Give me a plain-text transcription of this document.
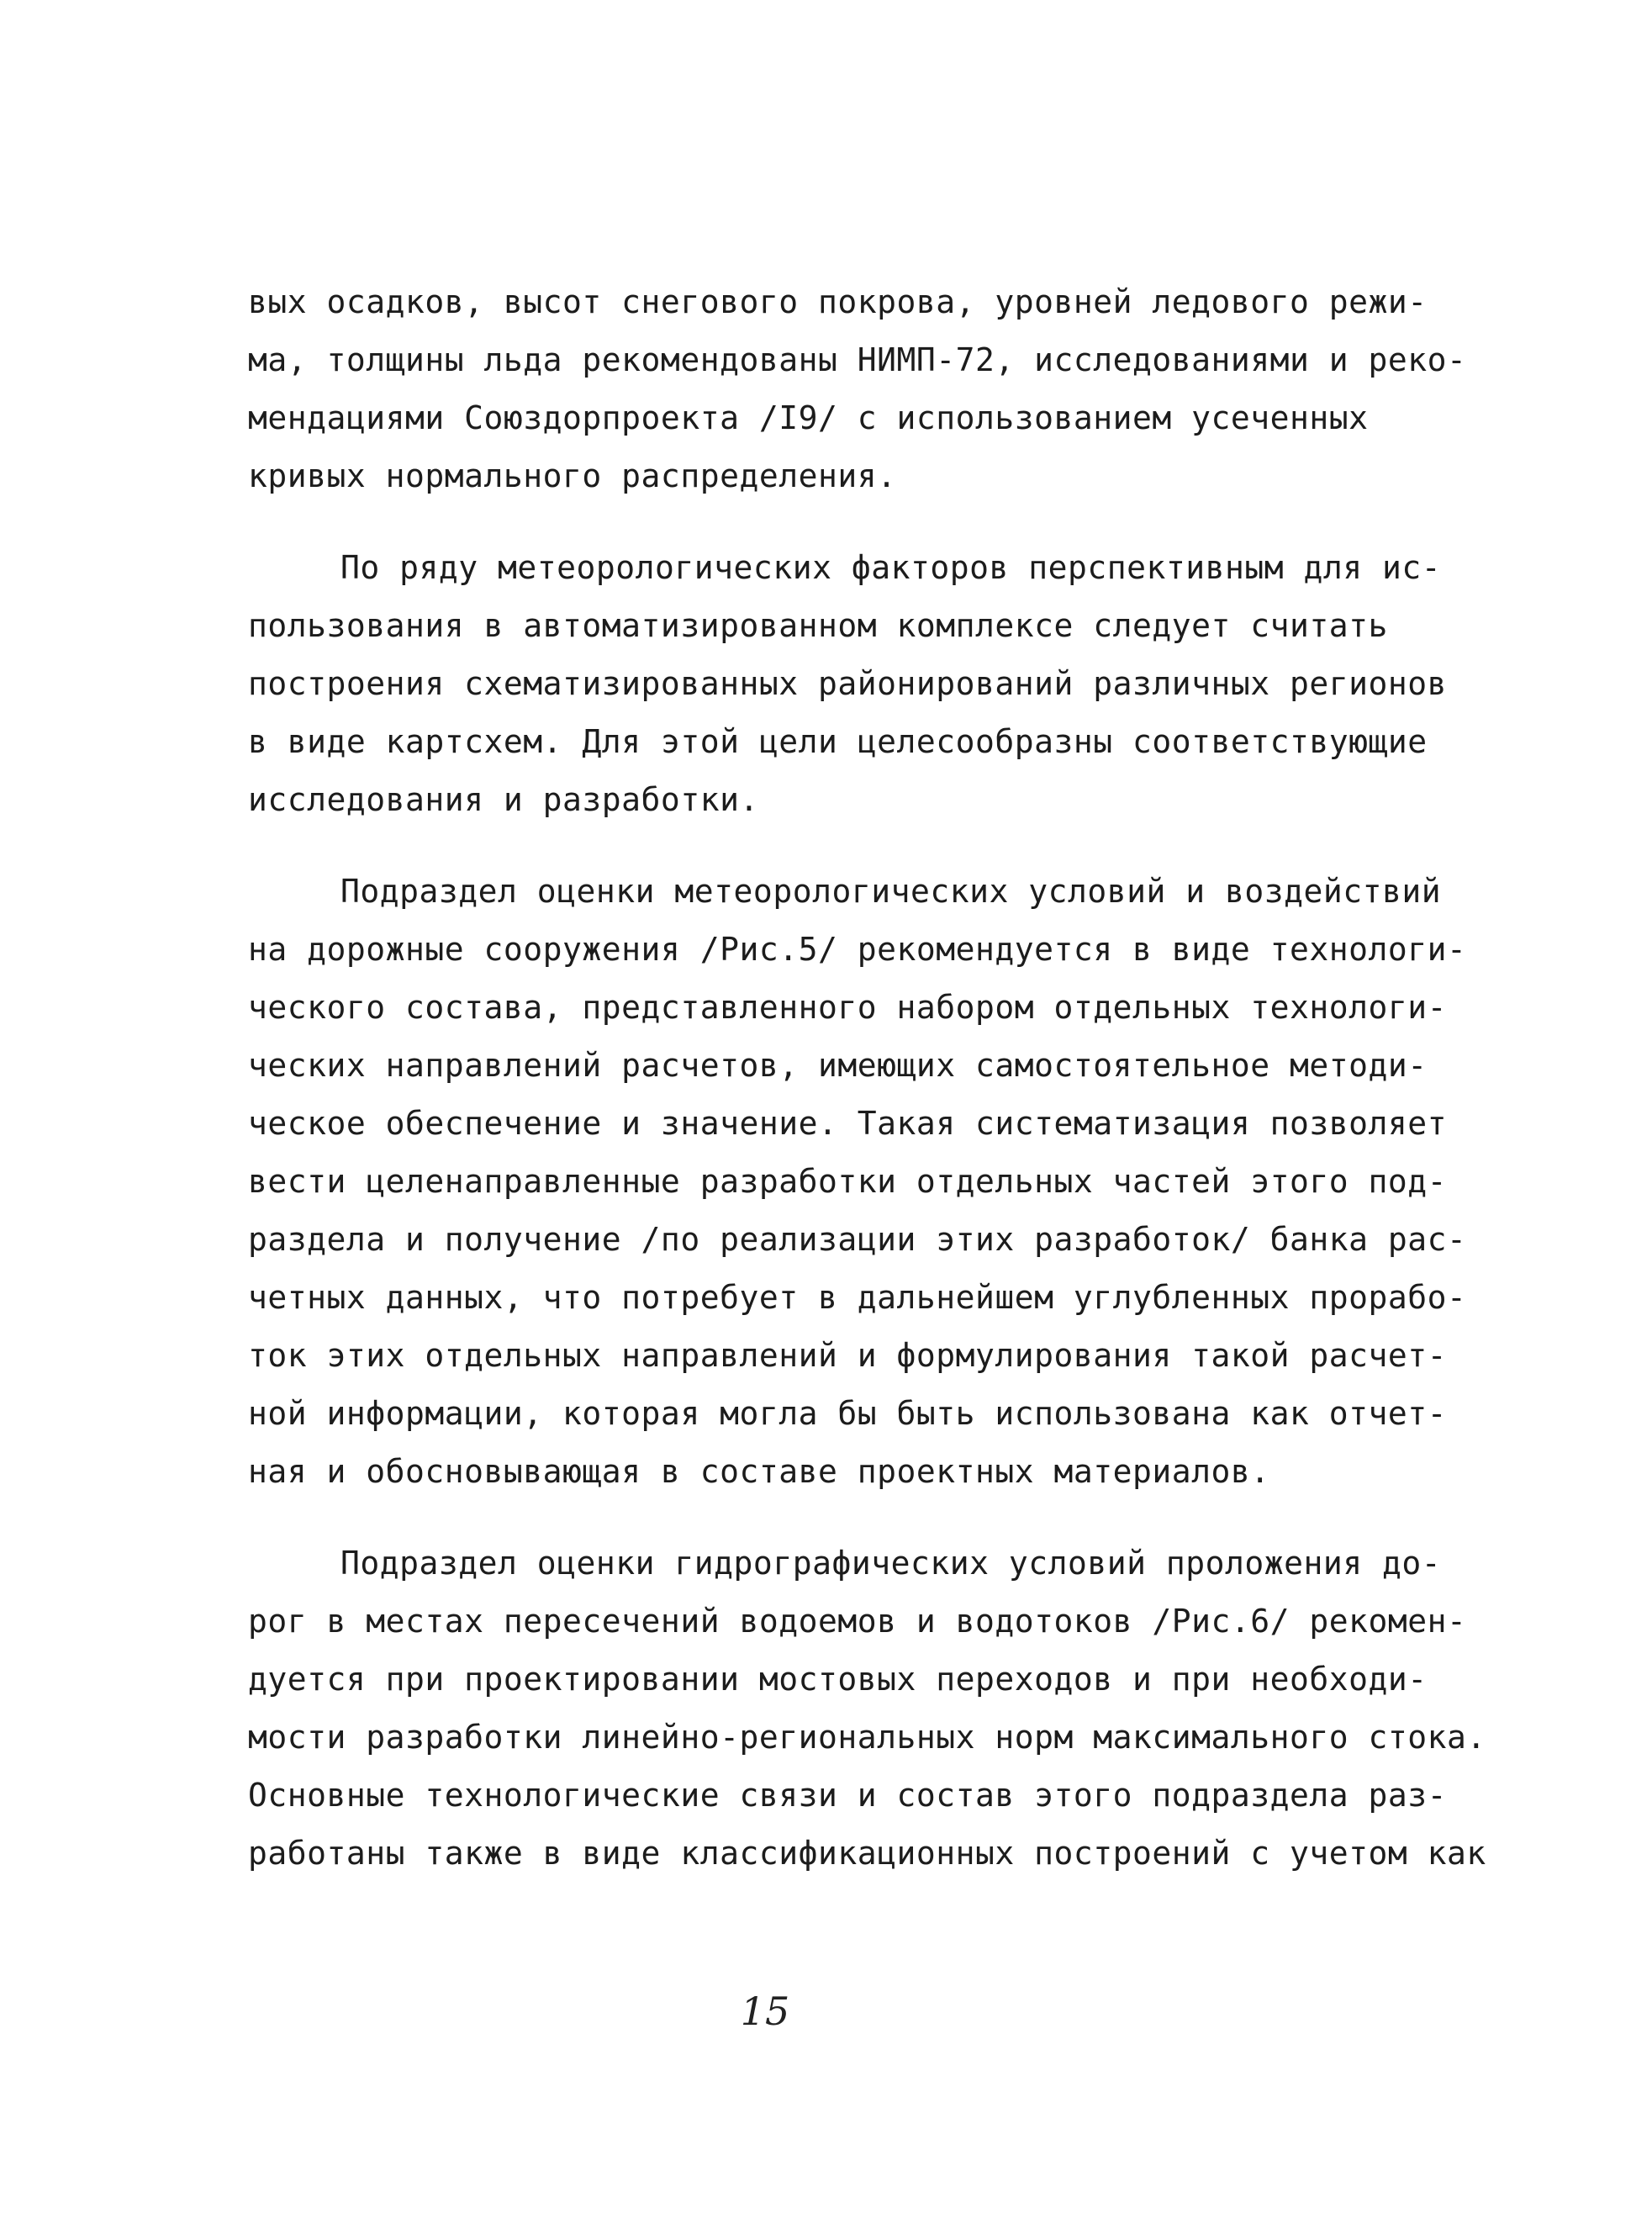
вых осадков, высот снегового покрова, уровней ледового режи-
ма, толщины льда рекомендованы НИМП-72, исследованиями и реко-
мендациями Союздорпроекта /I9/ с использованием усеченных
кривых нормального распределения.
По ряду метеорологических факторов перспективным для ис-
пользования в автоматизированном комплексе следует считать
построения схематизированных районирований различных регионов
в виде картсхем. Для этой цели целесообразны соответствующие
исследования и разработки.
Подраздел оценки метеорологических условий и воздействий
на дорожные сооружения /Рис.5/ рекомендуется в виде технологи-
ческого состава, представленного набором отдельных технологи-
ческих направлений расчетов, имеющих самостоятельное методи-
ческое обеспечение и значение. Такая систематизация позволяет
вести целенаправленные разработки отдельных частей этого под-
раздела и получение /по реализации этих разработок/ банка рас-
четных данных, что потребует в дальнейшем углубленных прорабо-
ток этих отдельных направлений и формулирования такой расчет-
ной информации, которая могла бы быть использована как отчет-
ная и обосновывающая в составе проектных материалов.
Подраздел оценки гидрографических условий проложения до-
рог в местах пересечений водоемов и водотоков /Рис.6/ рекомен-
дуется при проектировании мостовых переходов и при необходи-
мости разработки линейно-региональных норм максимального стока.
Основные технологические связи и состав этого подраздела раз-
работаны также в виде классификационных построений с учетом как
15
